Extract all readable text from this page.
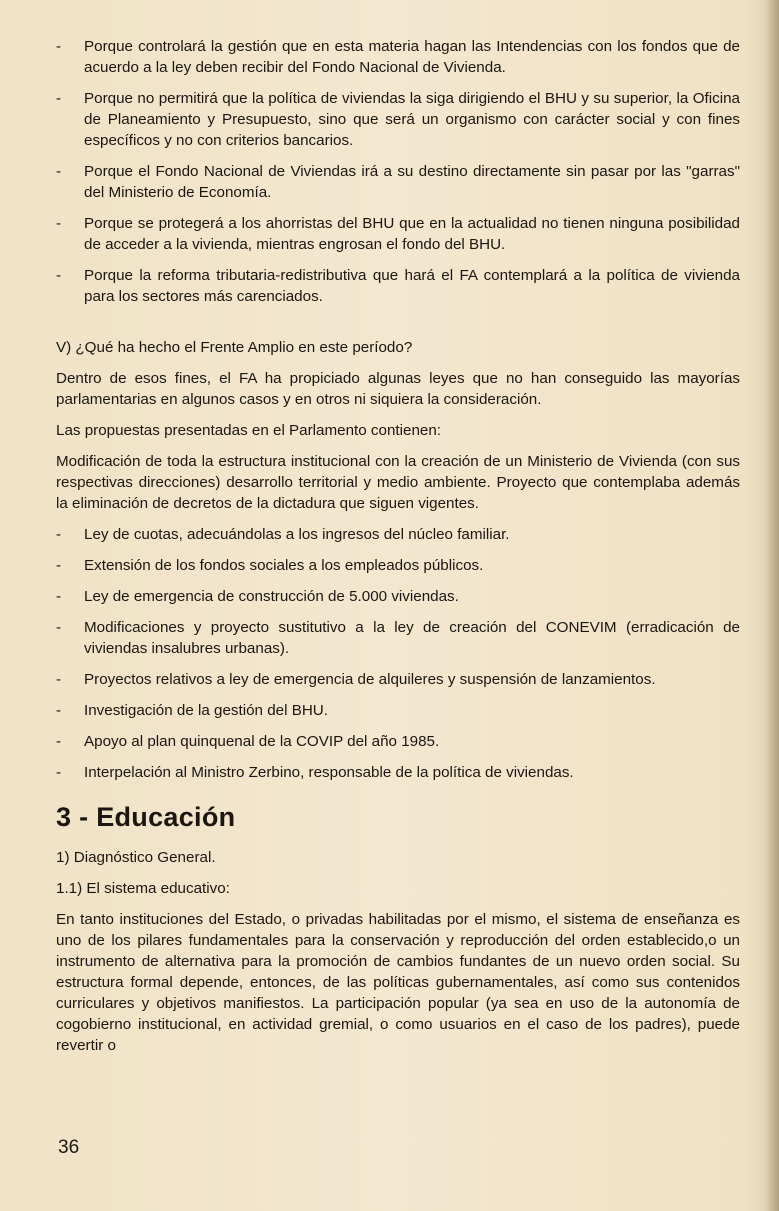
-	Porque controlará la gestión que en esta materia hagan las Intendencias con los fondos que de acuerdo a la ley deben recibir del Fondo Nacional de Vivienda.
-	Porque no permitirá que la política de viviendas la siga dirigiendo el BHU y su superior, la Oficina de Planeamiento y Presupuesto, sino que será un organismo con carácter social y con fines específicos y no con criterios bancarios.
-	Porque el Fondo Nacional de Viviendas irá a su destino directamente sin pasar por las "garras" del Ministerio de Economía.
-	Porque se protegerá a los ahorristas del BHU que en la actualidad no tienen ninguna posibilidad de acceder a la vivienda, mientras engrosan el fondo del BHU.
-	Porque la reforma tributaria-redistributiva que hará el FA contemplará a la política de vivienda para los sectores más carenciados.

V) ¿Qué ha hecho el Frente Amplio en este período?

Dentro de esos fines, el FA ha propiciado algunas leyes que no han conseguido las mayorías parlamentarias en algunos casos y en otros ni siquiera la consideración.

Las propuestas presentadas en el Parlamento contienen:

Modificación de toda la estructura institucional con la creación de un Ministerio de Vivienda (con sus respectivas direcciones) desarrollo territorial y medio ambiente. Proyecto que contemplaba además la eliminación de decretos de la dictadura que siguen vigentes.

-	Ley de cuotas, adecuándolas a los ingresos del núcleo familiar.
-	Extensión de los fondos sociales a los empleados públicos.
-	Ley de emergencia de construcción de 5.000 viviendas.
-	Modificaciones y proyecto sustitutivo a la ley de creación del CONEVIM (erradicación de viviendas insalubres urbanas).
-	Proyectos relativos a ley de emergencia de alquileres y suspensión de lanzamientos.
-	Investigación de la gestión del BHU.
-	Apoyo al plan quinquenal de la COVIP del año 1985.
-	Interpelación al Ministro Zerbino, responsable de la política de viviendas.
3 - Educación

1) Diagnóstico General.

1.1) El sistema educativo:

En tanto instituciones del Estado, o privadas habilitadas por el mismo, el sistema de enseñanza es uno de los pilares fundamentales para la conservación y reproducción del orden establecido,o un instrumento de alternativa para la promoción de cambios fundantes de un nuevo orden social. Su estructura formal depende, entonces, de las políticas gubernamentales, así como sus contenidos curriculares y objetivos manifiestos. La participación popular (ya sea en uso de la autonomía de cogobierno institucional, en actividad gremial, o como usuarios en el caso de los padres), puede revertir o

36
